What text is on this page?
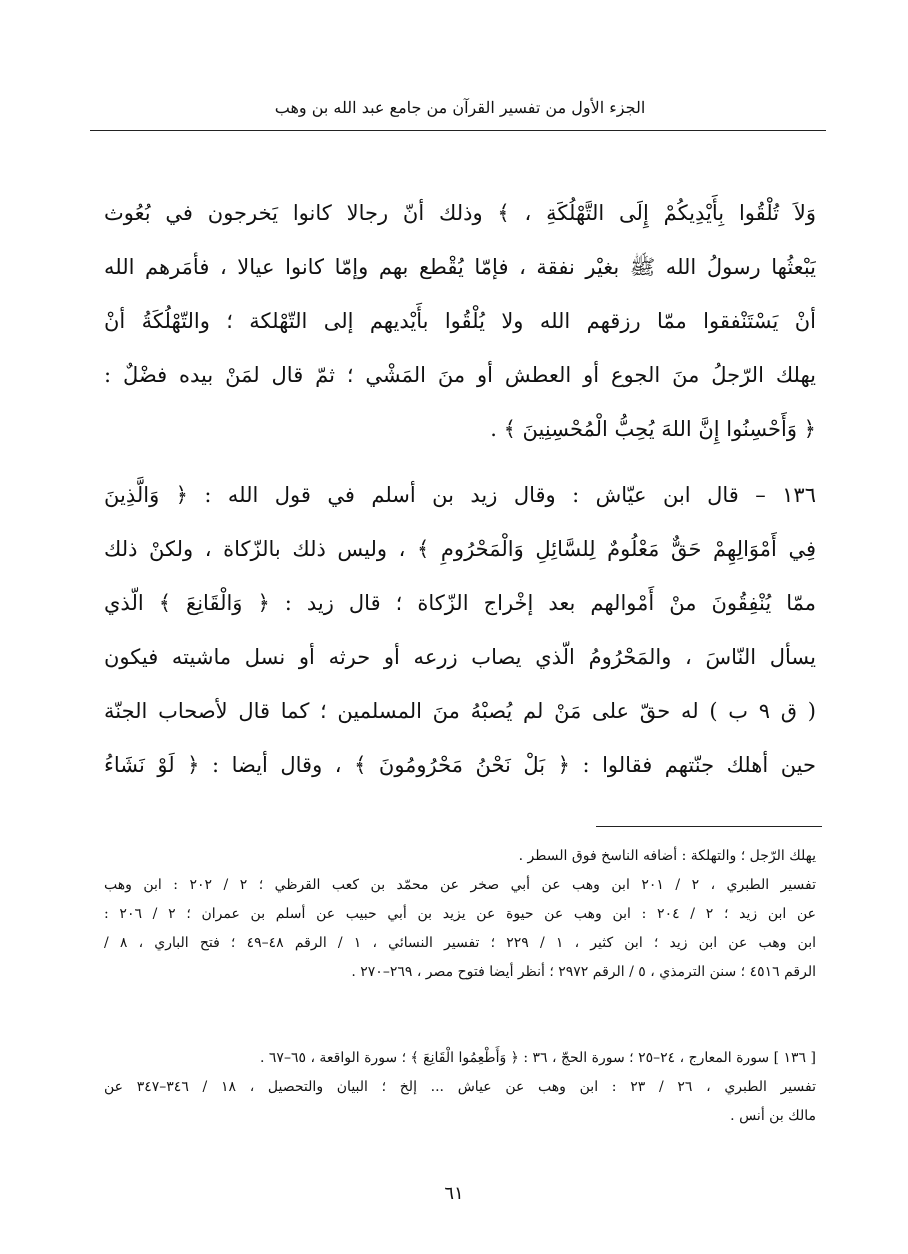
الجزء الأول من تفسير القرآن من جامع عبد الله بن وهب
وَلاَ تُلْقُوا بِأَيْدِيكُمْ إِلَى التَّهْلُكَةِ ، ﴾ وذلك أنّ رجالا كانوا يَخرجون في بُعُوث
يَبْعثُها رسولُ الله ﷺ بغيْر نفقة ، فإمّا يُقْطع بهم وإمّا كانوا عيالا ، فأمَرهم الله
أنْ يَسْتَنْفقوا ممّا رزقهم الله ولا يُلْقُوا بأَيْديهم إلى التّهْلكة ؛ والتّهْلُكَةُ أنْ
يهلك الرّجلُ منَ الجوع أو العطش أو منَ المَشْي ؛ ثمّ قال لمَنْ بيده فضْلٌ :
﴿ وَأَحْسِنُوا إِنَّ اللهَ يُحِبُّ الْمُحْسِنِينَ ﴾ .
١٣٦ – قال ابن عيّاش : وقال زيد بن أسلم في قول الله : ﴿ وَالَّذِينَ
فِي أَمْوَالِهِمْ حَقٌّ مَعْلُومٌ لِلسَّائِلِ وَالْمَحْرُومِ ﴾ ، وليس ذلك بالزّكاة ، ولكنْ ذلك
ممّا يُنْفِقُونَ منْ أَمْوالهم بعد إخْراج الزّكاة ؛ قال زيد : ﴿ وَالْقَانِعَ ﴾ الّذي
يسأل النّاسَ ، والمَحْرُومُ الّذي يصاب زرعه أو حرثه أو نسل ماشيته فيكون
( ق ٩ ب ) له حقّ على مَنْ لم يُصبْهُ منَ المسلمين ؛ كما قال لأصحاب الجنّة
حين أهلك جنّتهم فقالوا : ﴿ بَلْ نَحْنُ مَحْرُومُونَ ﴾ ، وقال أيضا : ﴿ لَوْ نَشَاءُ
يهلك الرّجل ؛ والتهلكة : أضافه الناسخ فوق السطر .
تفسير الطبري ، ٢ / ٢٠١ ابن وهب عن أبي صخر عن محمّد بن كعب القرظي ؛ ٢ / ٢٠٢ : ابن وهب
عن ابن زيد ؛ ٢ / ٢٠٤ : ابن وهب عن حيوة عن يزيد بن أبي حبيب عن أسلم بن عمران ؛ ٢ / ٢٠٦ :
ابن وهب عن ابن زيد ؛ ابن كثير ، ١ / ٢٢٩ ؛ تفسير النسائي ، ١ / الرقم ٤٨–٤٩ ؛ فتح الباري ، ٨ /
الرقم ٤٥١٦ ؛ سنن الترمذي ، ٥ / الرقم ٢٩٧٢ ؛ أنظر أيضا فتوح مصر ، ٢٦٩–٢٧٠ .
[ ١٣٦ ] سورة المعارج ، ٢٤–٢٥ ؛ سورة الحجّ ، ٣٦ : ﴿ وَأَطْعِمُوا الْقَانِعَ ﴾ ؛ سورة الواقعة ، ٦٥–٦٧ .
تفسير الطبري ، ٢٦ / ٢٣ : ابن وهب عن عياش ... إلخ ؛ البيان والتحصيل ، ١٨ / ٣٤٦–٣٤٧ عن
مالك بن أنس .
٦١
